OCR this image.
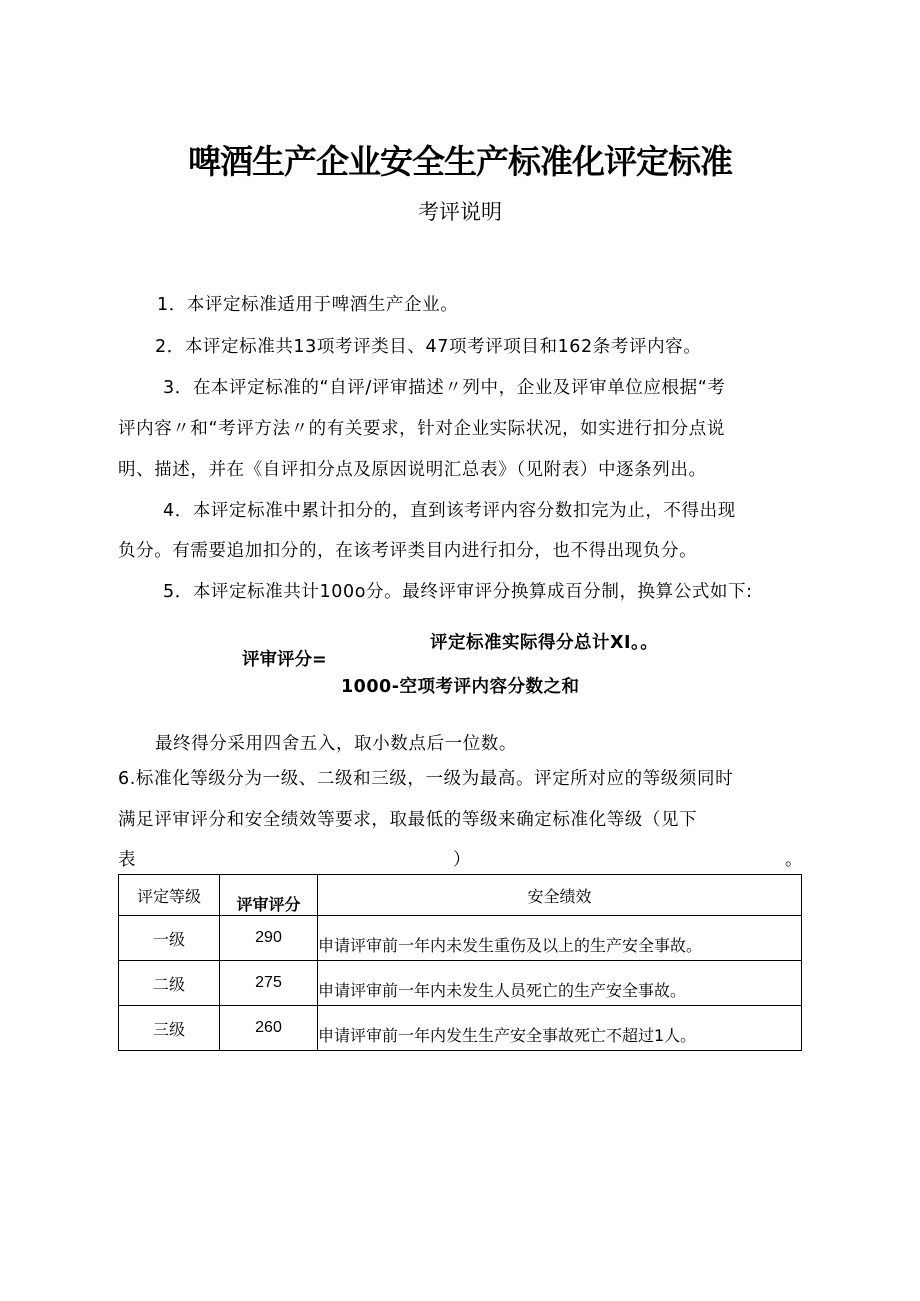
啤酒生产企业安全生产标准化评定标准
考评说明
1．本评定标准适用于啤酒生产企业。
2．本评定标准共13项考评类目、47项考评项目和162条考评内容。
3．在本评定标准的“自评/评审描述〃列中，企业及评审单位应根据“考
评内容〃和“考评方法〃的有关要求，针对企业实际状况，如实进行扣分点说
明、描述，并在《自评扣分点及原因说明汇总表》（见附表）中逐条列出。
4．本评定标准中累计扣分的，直到该考评内容分数扣完为止，不得出现
负分。有需要追加扣分的，在该考评类目内进行扣分，也不得出现负分。
5．本评定标准共计100o分。最终评审评分换算成百分制，换算公式如下:
评审评分=
评定标准实际得分总计XI。。
1000-空项考评内容分数之和
最终得分采用四舍五入，取小数点后一位数。
6.标准化等级分为一级、二级和三级，一级为最高。评定所对应的等级须同时
满足评审评分和安全绩效等要求，取最低的等级来确定标准化等级（见下
表	）	。
评定等级	评审评分	安全绩效
一级	290	申请评审前一年内未发生重伤及以上的生产安全事故。
二级	275	申请评审前一年内未发生人员死亡的生产安全事故。
三级	260	申请评审前一年内发生生产安全事故死亡不超过1人。
